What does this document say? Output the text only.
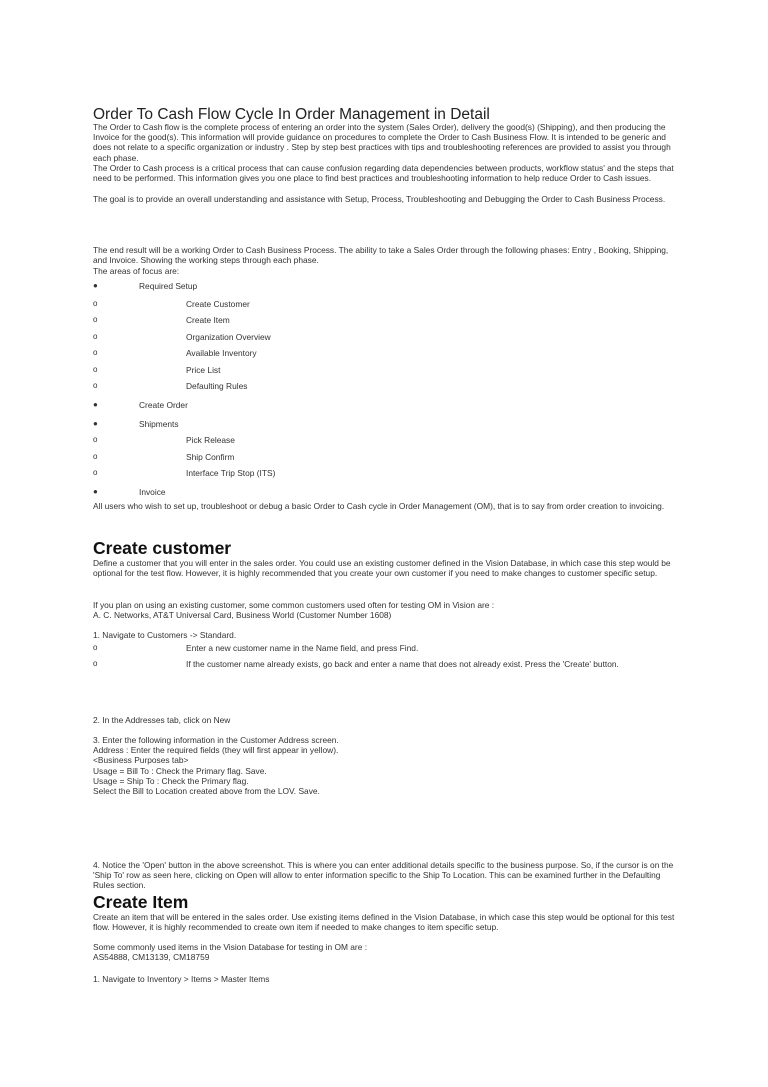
Order To Cash Flow Cycle In Order Management in Detail
The Order to Cash flow is the complete process of entering an order into the system (Sales Order), delivery the good(s) (Shipping), and then producing the Invoice for the good(s). This information will provide guidance on procedures to complete the Order to Cash Business Flow. It is intended to be generic and does not relate to a specific organization or industry . Step by step best practices with tips and troubleshooting references are provided to assist you through each phase.
The Order to Cash process is a critical process that can cause confusion regarding data dependencies between products, workflow status' and the steps that need to be performed. This information gives you one place to find best practices and troubleshooting information to help reduce Order to Cash issues.
The goal is to provide an overall understanding and assistance with Setup, Process, Troubleshooting and Debugging the Order to Cash Business Process.
The end result will be a working Order to Cash Business Process. The ability to take a Sales Order through the following phases: Entry , Booking, Shipping, and Invoice. Showing the working steps through each phase.
The areas of focus are:
●	Required Setup
o	Create Customer
o	Create Item
o	Organization Overview
o	Available Inventory
o	Price List
o	Defaulting Rules
●	Create Order
●	Shipments
o	Pick Release
o	Ship Confirm
o	Interface Trip Stop (ITS)
●	Invoice
All users who wish to set up, troubleshoot or debug a basic Order to Cash cycle in Order Management (OM), that is to say from order creation to invoicing.
Create customer
Define a customer that you will enter in the sales order. You could use an existing customer defined in the Vision Database, in which case this step would be optional for the test flow. However, it is highly recommended that you create your own customer if you need to make changes to customer specific setup.
If you plan on using an existing customer, some common customers used often for testing OM in Vision are :
A. C. Networks, AT&T Universal Card, Business World (Customer Number 1608)
1. Navigate to Customers -> Standard.
o	Enter a new customer name in the Name field, and press Find.
o	If the customer name already exists, go back and enter a name that does not already exist. Press the 'Create' button.
2. In the Addresses tab, click on New
3. Enter the following information in the Customer Address screen.
Address : Enter the required fields (they will first appear in yellow).
<Business Purposes tab>
Usage = Bill To : Check the Primary flag. Save.
Usage = Ship To : Check the Primary flag.
Select the Bill to Location created above from the LOV. Save.
4. Notice the 'Open' button in the above screenshot. This is where you can enter additional details specific to the business purpose. So, if the cursor is on the 'Ship To' row as seen here, clicking on Open will allow to enter information specific to the Ship To Location. This can be examined further in the Defaulting Rules section.
Create Item
Create an item that will be entered in the sales order. Use existing items defined in the Vision Database, in which case this step would be optional for this test flow. However, it is highly recommended to create own item if needed to make changes to item specific setup.
Some commonly used items in the Vision Database for testing in OM are :
AS54888, CM13139, CM18759
1. Navigate to Inventory > Items > Master Items
